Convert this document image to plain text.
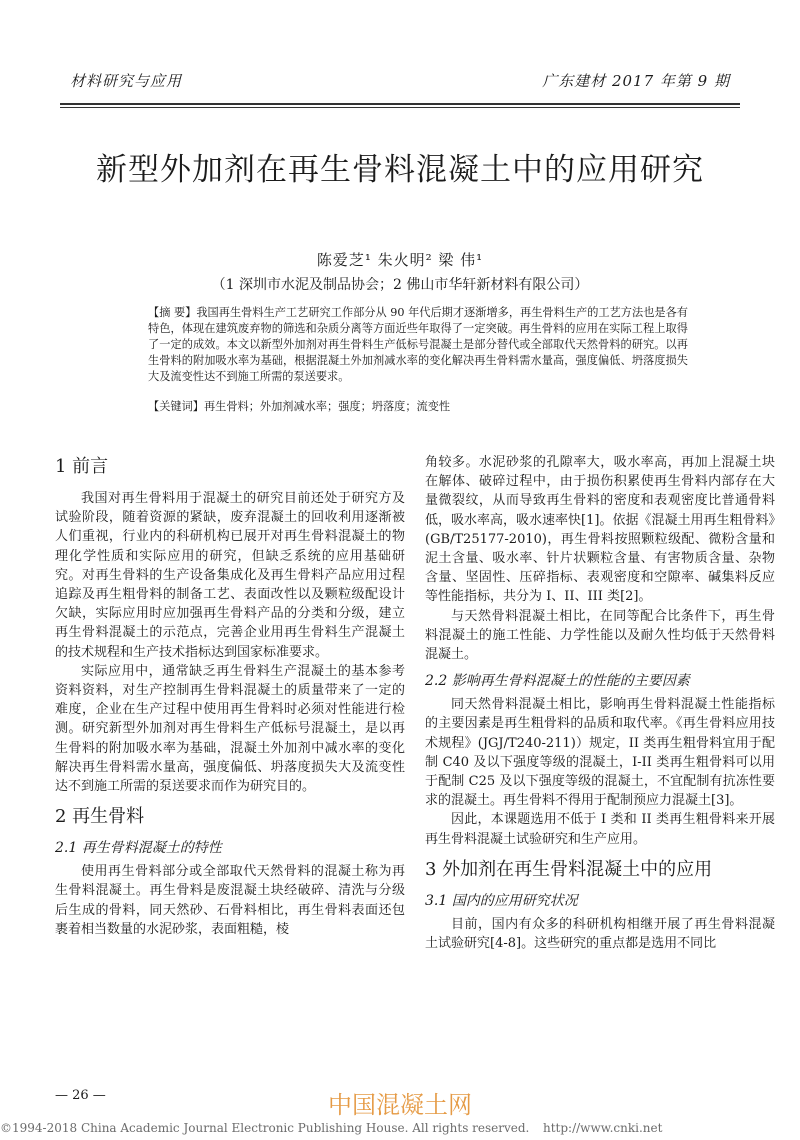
材料研究与应用	广东建材 2017 年第 9 期
新型外加剂在再生骨料混凝土中的应用研究
陈爱芝¹ 朱火明² 梁 伟¹
（1 深圳市水泥及制品协会；2 佛山市华轩新材料有限公司）
【摘 要】我国再生骨料生产工艺研究工作部分从 90 年代后期才逐渐增多，再生骨料生产的工艺方法也是各有特色，体现在建筑废弃物的筛选和杂质分离等方面近些年取得了一定突破。再生骨料的应用在实际工程上取得了一定的成效。本文以新型外加剂对再生骨料生产低标号混凝土是部分替代或全部取代天然骨料的研究。以再生骨料的附加吸水率为基础，根据混凝土外加剂减水率的变化解决再生骨料需水量高，强度偏低、坍落度损失大及流变性达不到施工所需的泵送要求。
【关键词】再生骨料；外加剂减水率；强度；坍落度；流变性
1 前言

我国对再生骨料用于混凝土的研究目前还处于研究方及试验阶段，随着资源的紧缺，废弃混凝土的回收利用逐渐被人们重视，行业内的科研机构已展开对再生骨料混凝土的物理化学性质和实际应用的研究，但缺乏系统的应用基础研究。对再生骨料的生产设备集成化及再生骨料产品应用过程追踪及再生粗骨料的制备工艺、表面改性以及颗粒级配设计欠缺，实际应用时应加强再生骨料产品的分类和分级，建立再生骨料混凝土的示范点，完善企业用再生骨料生产混凝土的技术规程和生产技术指标达到国家标准要求。

实际应用中，通常缺乏再生骨料生产混凝土的基本参考资料资料，对生产控制再生骨料混凝土的质量带来了一定的难度，企业在生产过程中使用再生骨料时必须对性能进行检测。研究新型外加剂对再生骨料生产低标号混凝土，是以再生骨料的附加吸水率为基础，混凝土外加剂中减水率的变化解决再生骨料需水量高，强度偏低、坍落度损失大及流变性达不到施工所需的泵送要求而作为研究目的。

2 再生骨料
2.1 再生骨料混凝土的特性

使用再生骨料部分或全部取代天然骨料的混凝土称为再生骨料混凝土。再生骨料是废混凝土块经破碎、清洗与分级后生成的骨料，同天然砂、石骨料相比，再生骨料表面还包裹着相当数量的水泥砂浆，表面粗糙，棱

角较多。水泥砂浆的孔隙率大，吸水率高，再加上混凝土块在解体、破碎过程中，由于损伤积累使再生骨料内部存在大量微裂纹，从而导致再生骨料的密度和表观密度比普通骨料低，吸水率高，吸水速率快[1]。依据《混凝土用再生粗骨料》(GB/T25177-2010)，再生骨料按照颗粒级配、微粉含量和泥土含量、吸水率、针片状颗粒含量、有害物质含量、杂物含量、坚固性、压碎指标、表观密度和空隙率、碱集料反应等性能指标，共分为 I、II、III 类[2]。

与天然骨料混凝土相比，在同等配合比条件下，再生骨料混凝土的施工性能、力学性能以及耐久性均低于天然骨料混凝土。

2.2 影响再生骨料混凝土的性能的主要因素

同天然骨料混凝土相比，影响再生骨料混凝土性能指标的主要因素是再生粗骨料的品质和取代率。《再生骨料应用技术规程》(JGJ/T240-211)）规定，II 类再生粗骨料宜用于配制 C40 及以下强度等级的混凝土，I-II 类再生粗骨料可以用于配制 C25 及以下强度等级的混凝土，不宜配制有抗冻性要求的混凝土。再生骨料不得用于配制预应力混凝土[3]。

因此，本课题选用不低于 I 类和 II 类再生粗骨料来开展再生骨料混凝土试验研究和生产应用。

3 外加剂在再生骨料混凝土中的应用
3.1 国内的应用研究状况

目前，国内有众多的科研机构相继开展了再生骨料混凝土试验研究[4-8]。这些研究的重点都是选用不同比

— 26 —	中国混凝土网
©1994-2018 China Academic Journal Electronic Publishing House. All rights reserved. http://www.cnki.net
